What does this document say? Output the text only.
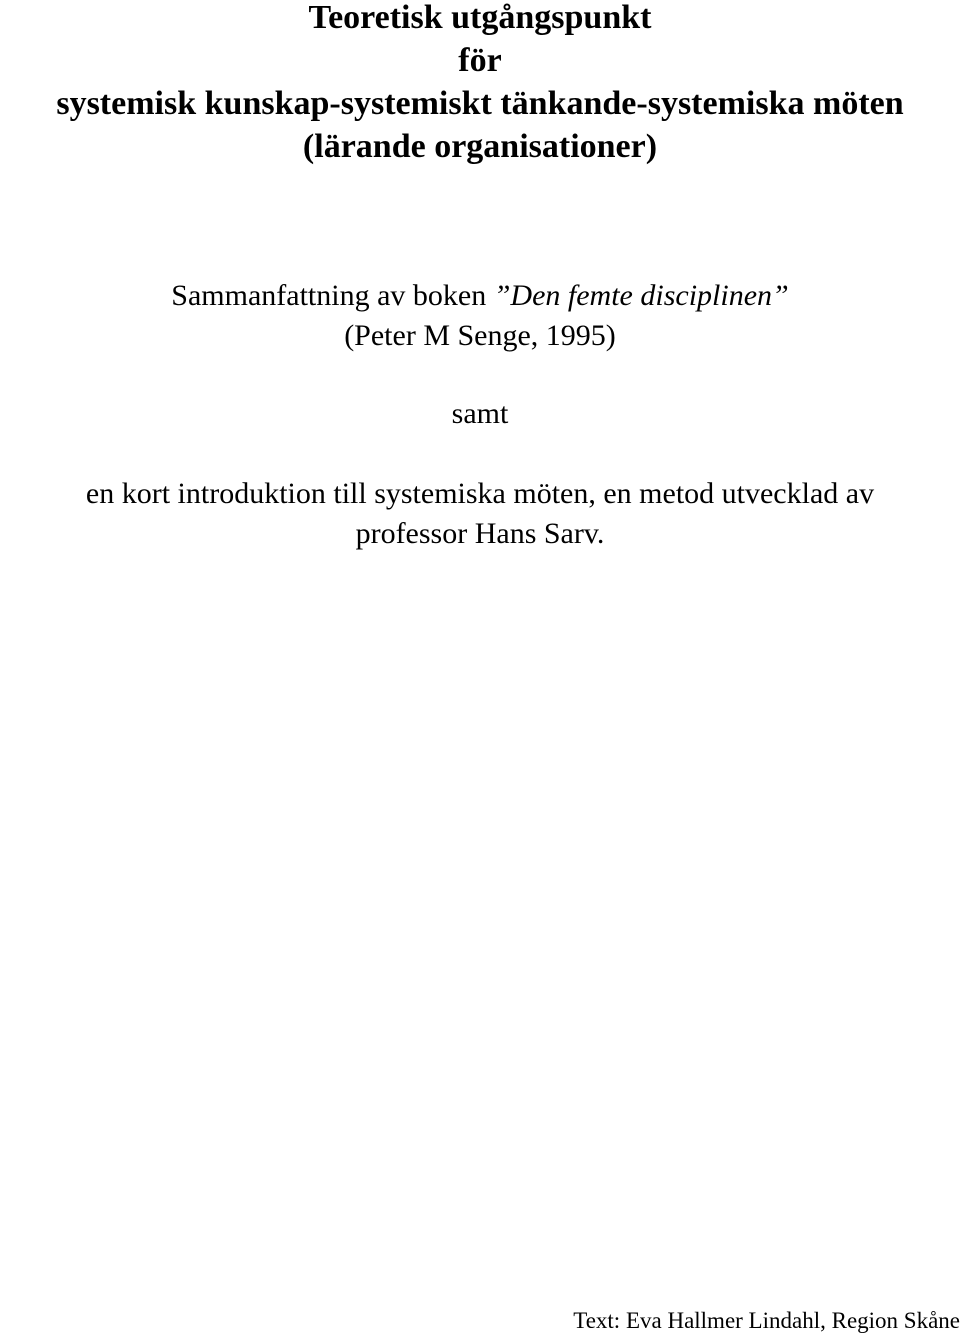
Teoretisk utgångspunkt
för
systemisk kunskap-systemiskt tänkande-systemiska möten
(lärande organisationer)
Sammanfattning av boken ”Den femte disciplinen”
(Peter M Senge, 1995)
samt
en kort introduktion till systemiska möten, en metod utvecklad av
professor Hans Sarv.
Text: Eva Hallmer Lindahl, Region Skåne
